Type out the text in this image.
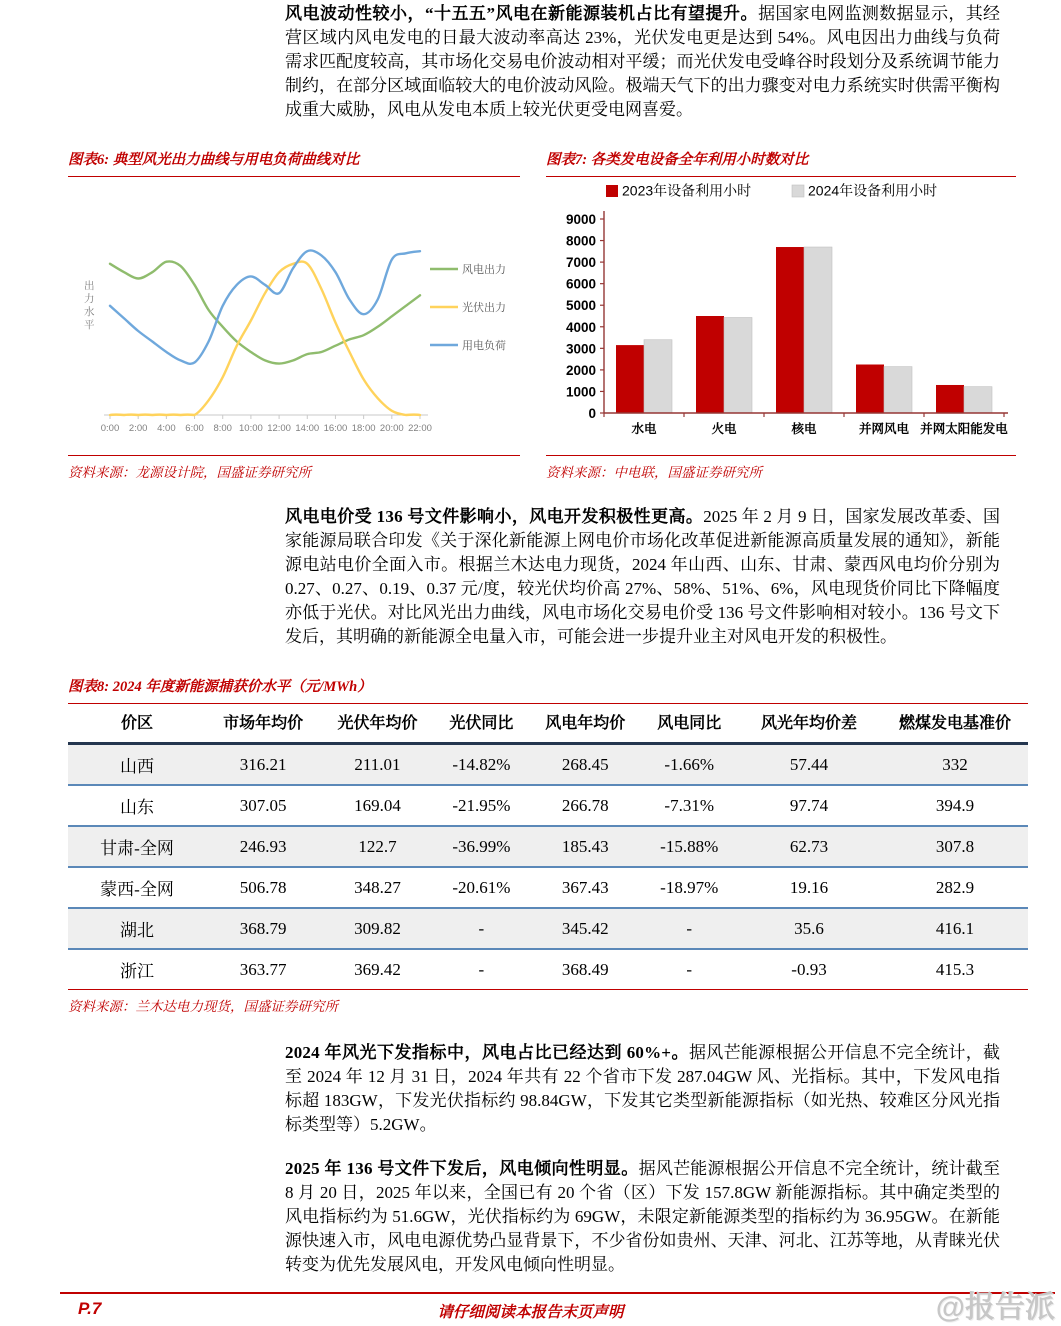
风电波动性较小，“十五五”风电在新能源装机占比有望提升。据国家电网监测数据显示，其经营区域内风电发电的日最大波动率高达 23%，光伏发电更是达到 54%。风电因出力曲线与负荷需求匹配度较高，其市场化交易电价波动相对平缓；而光伏发电受峰谷时段划分及系统调节能力制约，在部分区域面临较大的电价波动风险。极端天气下的出力骤变对电力系统实时供需平衡构成重大威胁，风电从发电本质上较光伏更受电网喜爱。

图表6: 典型风光出力曲线与用电负荷曲线对比
0:00 2:00 4:00 6:00 8:00 10:00 12:00 14:00 16:00 18:00 20:00 22:00
出力水平
风电出力
光伏出力
用电负荷
资料来源：龙源设计院，国盛证券研究所
图表7: 各类发电设备全年利用小时数对比
2023年设备利用小时	2024年设备利用小时
0
1000
2000
3000
4000
5000
6000
7000
8000
9000
水电	火电	核电	并网风电 并网太阳能发电
资料来源：中电联，国盛证券研究所

风电电价受 136 号文件影响小，风电开发积极性更高。2025 年 2 月 9 日，国家发展改革委、国家能源局联合印发《关于深化新能源上网电价市场化改革促进新能源高质量发展的通知》，新能源电站电价全面入市。根据兰木达电力现货，2024 年山西、山东、甘肃、蒙西风电均价分别为 0.27、0.27、0.19、0.37 元/度，较光伏均价高 27%、58%、51%、6%，风电现货价同比下降幅度亦低于光伏。对比风光出力曲线，风电市场化交易电价受 136 号文件影响相对较小。136 号文下发后，其明确的新能源全电量入市，可能会进一步提升业主对风电开发的积极性。

图表8: 2024 年度新能源捕获价水平（元/MWh）
价区	市场年均价	光伏年均价	光伏同比	风电年均价	风电同比	风光年均价差	燃煤发电基准价
山西	316.21	211.01	-14.82%	268.45	-1.66%	57.44	332
山东	307.05	169.04	-21.95%	266.78	-7.31%	97.74	394.9
甘肃-全网	246.93	122.7	-36.99%	185.43	-15.88%	62.73	307.8
蒙西-全网	506.78	348.27	-20.61%	367.43	-18.97%	19.16	282.9
湖北	368.79	309.82	-	345.42	-	35.6	416.1
浙江	363.77	369.42	-	368.49	-	-0.93	415.3
资料来源：兰木达电力现货，国盛证券研究所

2024 年风光下发指标中，风电占比已经达到 60%+。据风芒能源根据公开信息不完全统计，截至 2024 年 12 月 31 日，2024 年共有 22 个省市下发 287.04GW 风、光指标。其中，下发风电指标超 183GW，下发光伏指标约 98.84GW，下发其它类型新能源指标（如光热、较难区分风光指标类型等）5.2GW。

2025 年 136 号文件下发后，风电倾向性明显。据风芒能源根据公开信息不完全统计，统计截至 8 月 20 日，2025 年以来，全国已有 20 个省（区）下发 157.8GW 新能源指标。其中确定类型的风电指标约为 51.6GW，光伏指标约为 69GW，未限定新能源类型的指标约为 36.95GW。在新能源快速入市，风电电源优势凸显背景下，不少省份如贵州、天津、河北、江苏等地，从青睐光伏转变为优先发展风电，开发风电倾向性明显。

P.7	请仔细阅读本报告末页声明	@报告派
